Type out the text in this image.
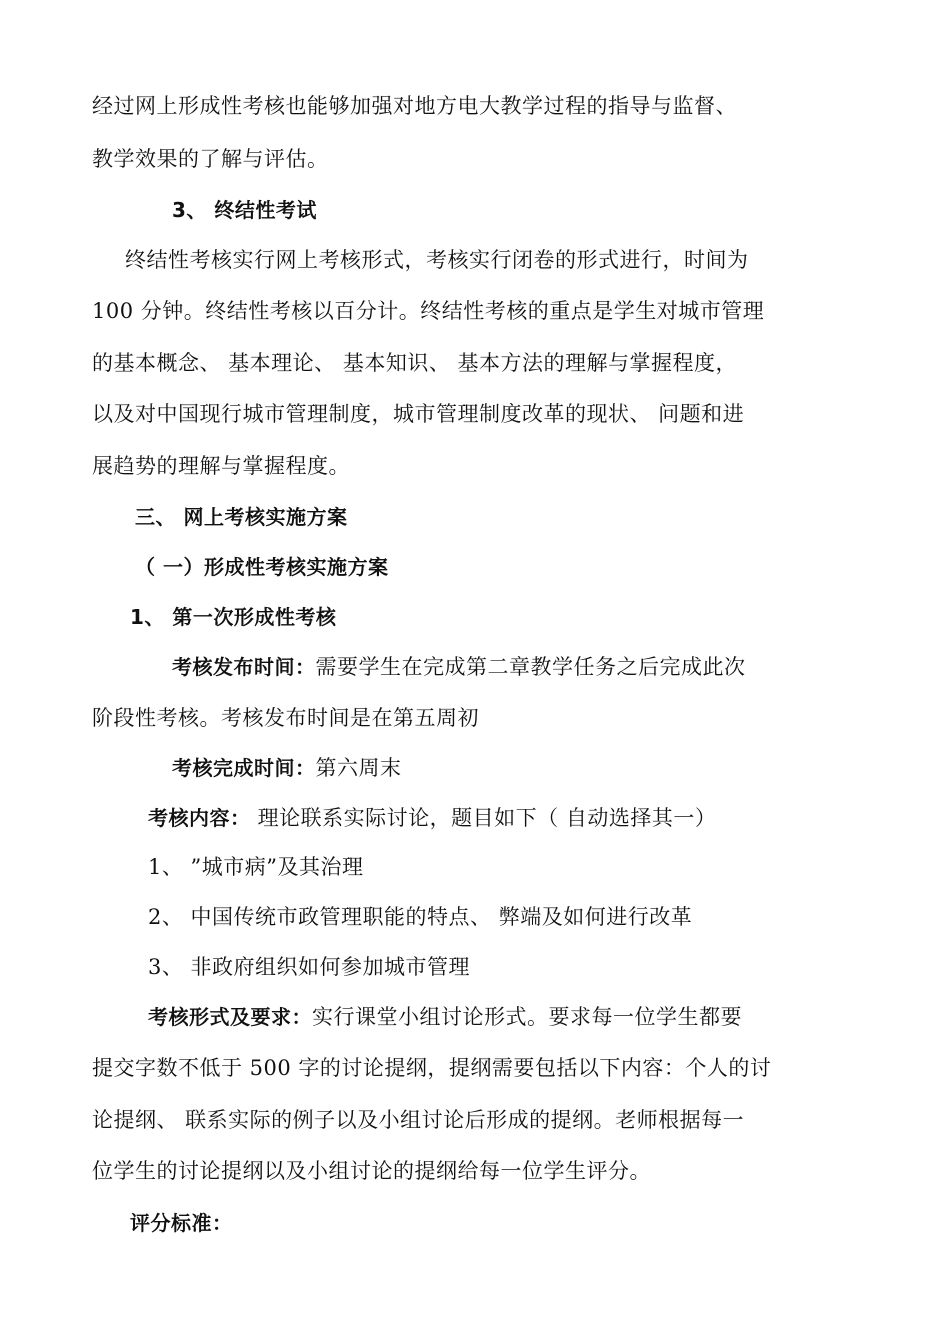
经过网上形成性考核也能够加强对地方电大教学过程的指导与监督、
教学效果的了解与评估。
3、 终结性考试
终结性考核实行网上考核形式，考核实行闭卷的形式进行，时间为
100 分钟。终结性考核以百分计。终结性考核的重点是学生对城市管理
的基本概念、 基本理论、 基本知识、 基本方法的理解与掌握程度，
以及对中国现行城市管理制度，城市管理制度改革的现状、 问题和进
展趋势的理解与掌握程度。
三、 网上考核实施方案
（ 一）形成性考核实施方案
1、 第一次形成性考核
考核发布时间：需要学生在完成第二章教学任务之后完成此次
阶段性考核。考核发布时间是在第五周初
考核完成时间：第六周末
考核内容： 理论联系实际讨论，题目如下（ 自动选择其一）
1、 ”城市病”及其治理
2、 中国传统市政管理职能的特点、 弊端及如何进行改革
3、 非政府组织如何参加城市管理
考核形式及要求：实行课堂小组讨论形式。要求每一位学生都要
提交字数不低于 500 字的讨论提纲，提纲需要包括以下内容：个人的讨
论提纲、 联系实际的例子以及小组讨论后形成的提纲。老师根据每一
位学生的讨论提纲以及小组讨论的提纲给每一位学生评分。
评分标准：
